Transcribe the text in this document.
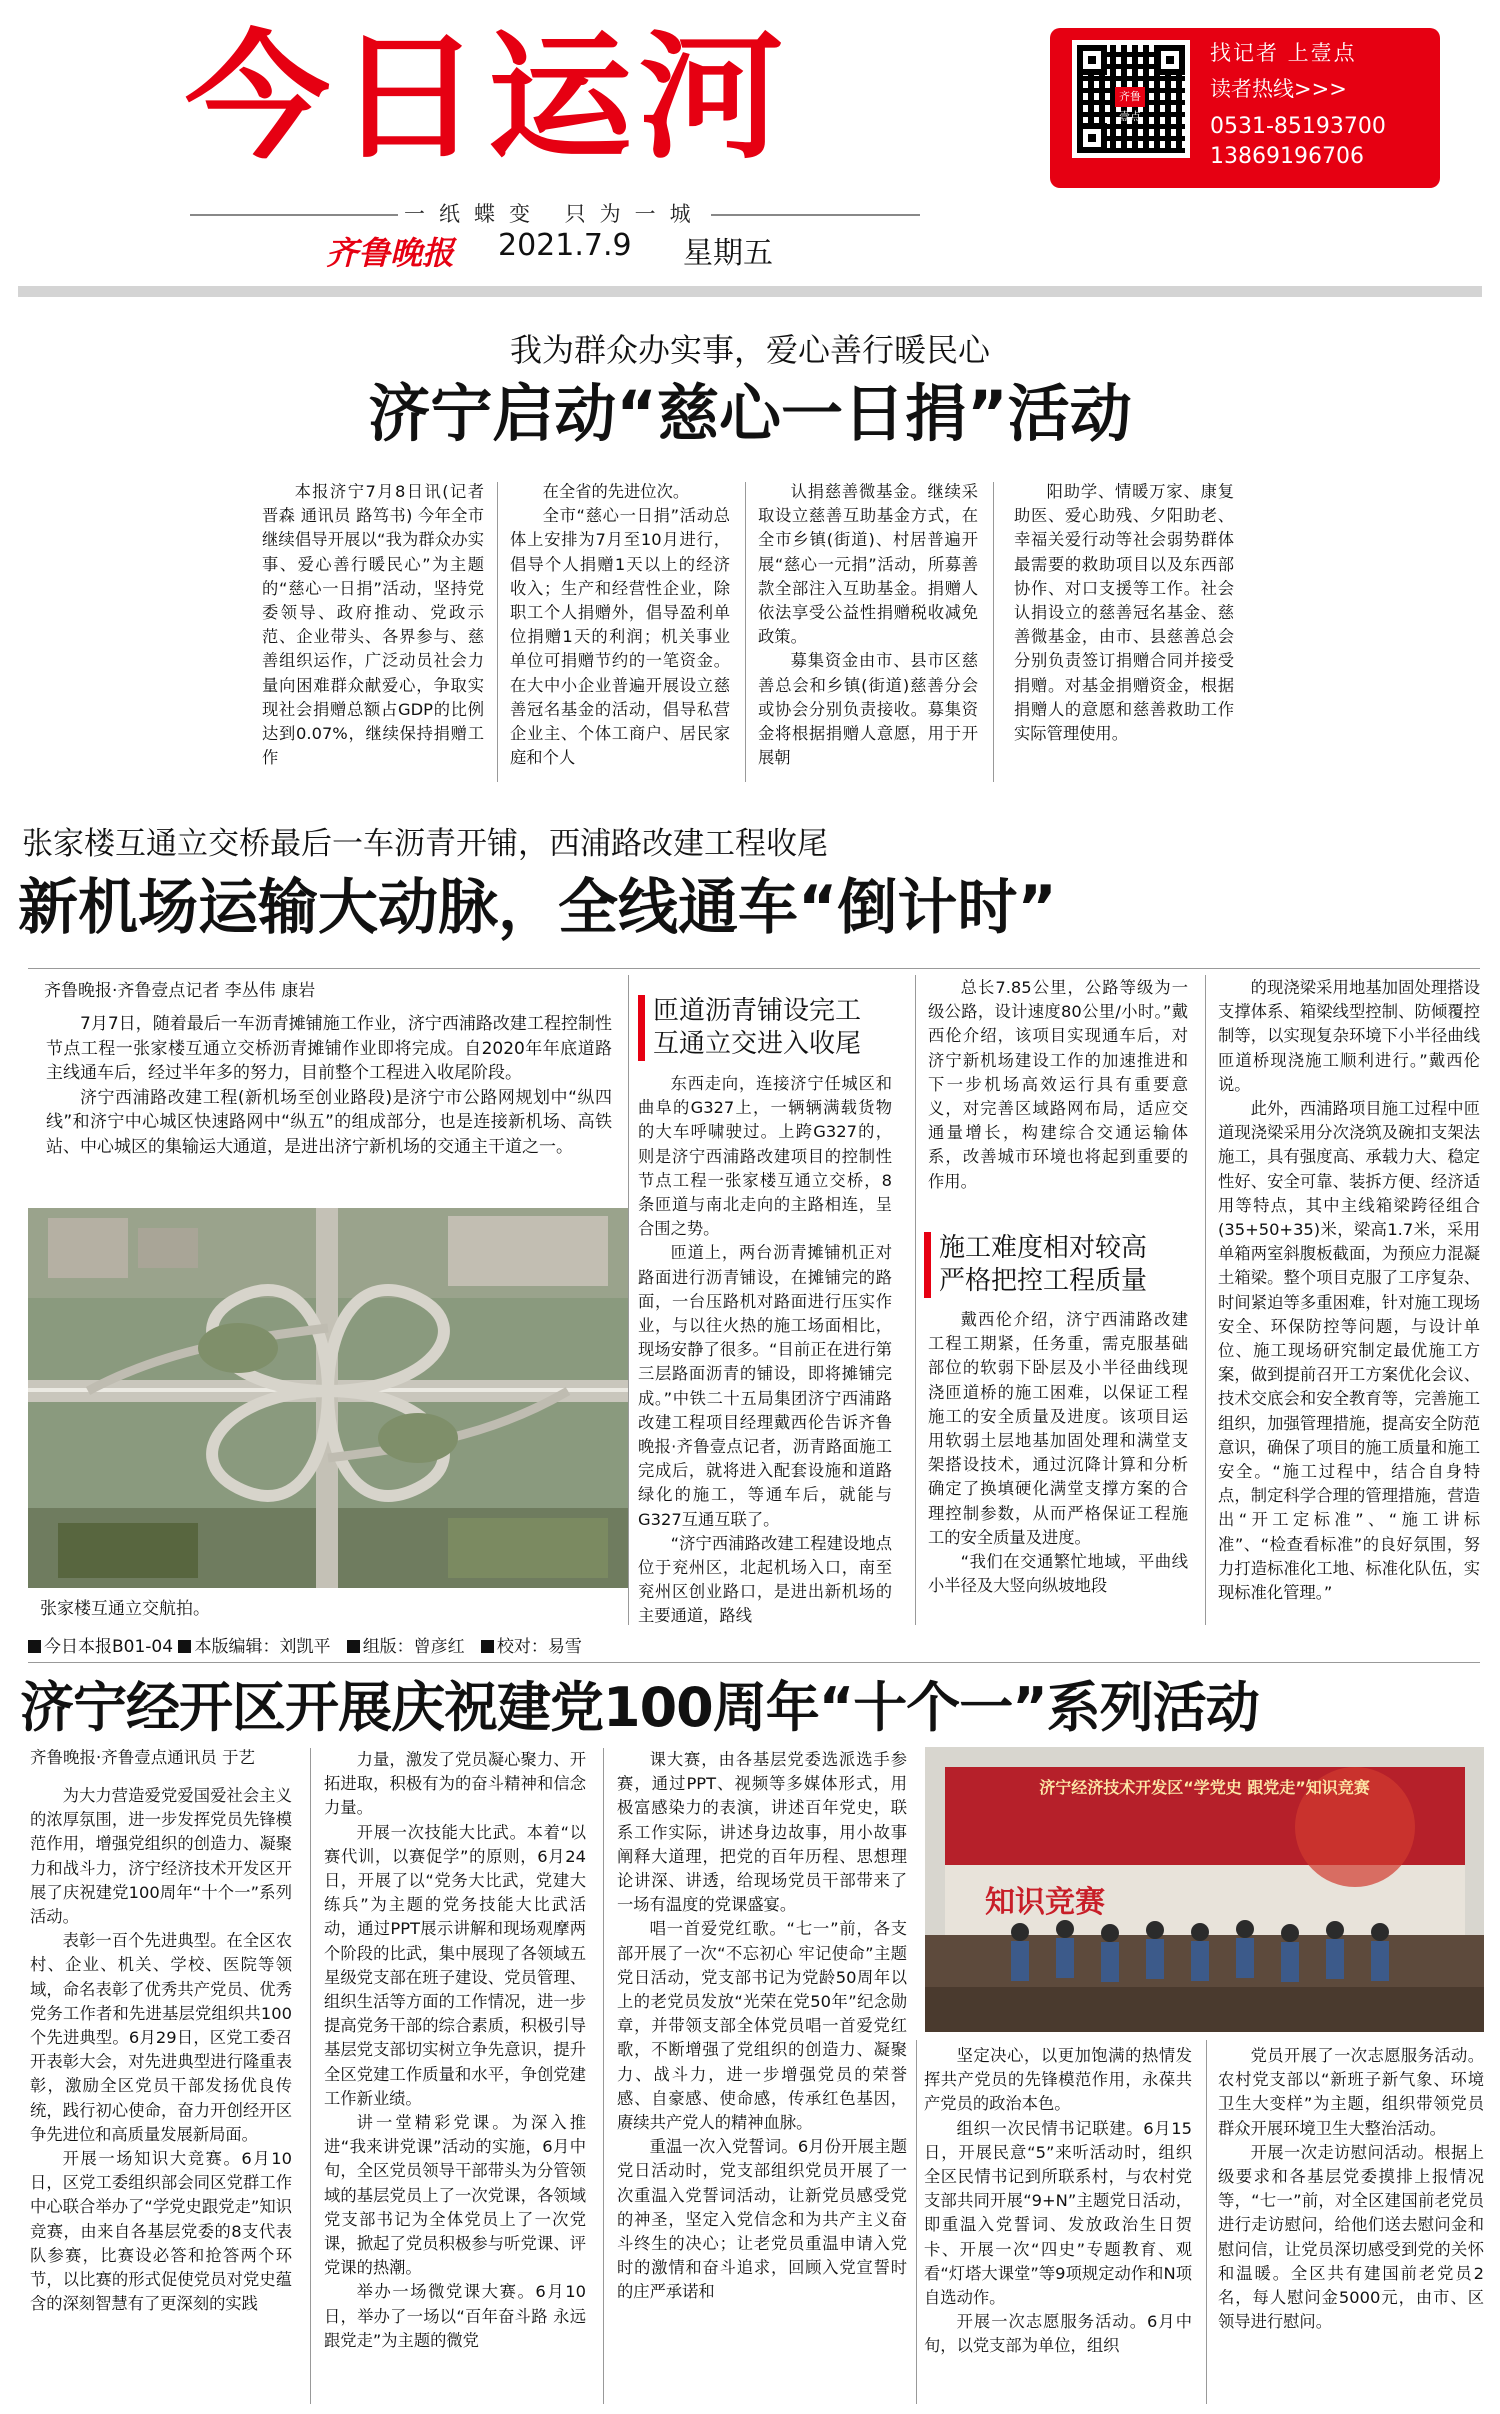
今日运河
一纸蝶变 只为一城
齐鲁晚报 2021.7.9 星期五
齐鲁壹点
找记者 上壹点
读者热线>>>
0531-85193700
13869196706
我为群众办实事，爱心善行暖民心
济宁启动“慈心一日捐”活动

本报济宁7月8日讯(记者 晋森 通讯员 路笃书) 今年全市继续倡导开展以“我为群众办实事、爱心善行暖民心”为主题的“慈心一日捐”活动，坚持党委领导、政府推动、党政示范、企业带头、各界参与、慈善组织运作，广泛动员社会力量向困难群众献爱心，争取实现社会捐赠总额占GDP的比例达到0.07%，继续保持捐赠工作

在全省的先进位次。

全市“慈心一日捐”活动总体上安排为7月至10月进行，倡导个人捐赠1天以上的经济收入；生产和经营性企业，除职工个人捐赠外，倡导盈利单位捐赠1天的利润；机关事业单位可捐赠节约的一笔资金。在大中小企业普遍开展设立慈善冠名基金的活动，倡导私营企业主、个体工商户、居民家庭和个人

认捐慈善微基金。继续采取设立慈善互助基金方式，在全市乡镇(街道)、村居普遍开展“慈心一元捐”活动，所募善款全部注入互助基金。捐赠人依法享受公益性捐赠税收减免政策。

募集资金由市、县市区慈善总会和乡镇(街道)慈善分会或协会分别负责接收。募集资金将根据捐赠人意愿，用于开展朝

阳助学、情暖万家、康复助医、爱心助残、夕阳助老、幸福关爱行动等社会弱势群体最需要的救助项目以及东西部协作、对口支援等工作。社会认捐设立的慈善冠名基金、慈善微基金，由市、县慈善总会分别负责签订捐赠合同并接受捐赠。对基金捐赠资金，根据捐赠人的意愿和慈善救助工作实际管理使用。

张家楼互通立交桥最后一车沥青开铺，西浦路改建工程收尾
新机场运输大动脉，全线通车“倒计时”
齐鲁晚报·齐鲁壹点记者 李丛伟 康岩

7月7日，随着最后一车沥青摊铺施工作业，济宁西浦路改建工程控制性节点工程一张家楼互通立交桥沥青摊铺作业即将完成。自2020年年底道路主线通车后，经过半年多的努力，目前整个工程进入收尾阶段。

济宁西浦路改建工程(新机场至创业路段)是济宁市公路网规划中“纵四线”和济宁中心城区快速路网中“纵五”的组成部分，也是连接新机场、高铁站、中心城区的集输运大通道，是进出济宁新机场的交通主干道之一。

张家楼互通立交航拍。
匝道沥青铺设完工
互通立交进入收尾

东西走向，连接济宁任城区和曲阜的G327上，一辆辆满载货物的大车呼啸驶过。上跨G327的，则是济宁西浦路改建项目的控制性节点工程一张家楼互通立交桥，8条匝道与南北走向的主路相连，呈合围之势。

匝道上，两台沥青摊铺机正对路面进行沥青铺设，在摊铺完的路面，一台压路机对路面进行压实作业，与以往火热的施工场面相比，现场安静了很多。“目前正在进行第三层路面沥青的铺设，即将摊铺完成。”中铁二十五局集团济宁西浦路改建工程项目经理戴西伦告诉齐鲁晚报·齐鲁壹点记者，沥青路面施工完成后，就将进入配套设施和道路绿化的施工，等通车后，就能与G327互通互联了。

“济宁西浦路改建工程建设地点位于兖州区，北起机场入口，南至兖州区创业路口，是进出新机场的主要通道，路线

总长7.85公里，公路等级为一级公路，设计速度80公里/小时。”戴西伦介绍，该项目实现通车后，对济宁新机场建设工作的加速推进和下一步机场高效运行具有重要意义，对完善区域路网布局，适应交通量增长，构建综合交通运输体系，改善城市环境也将起到重要的作用。

施工难度相对较高
严格把控工程质量

戴西伦介绍，济宁西浦路改建工程工期紧，任务重，需克服基础部位的软弱下卧层及小半径曲线现浇匝道桥的施工困难，以保证工程施工的安全质量及进度。该项目运用软弱土层地基加固处理和满堂支架搭设技术，通过沉降计算和分析确定了换填硬化满堂支撑方案的合理控制参数，从而严格保证工程施工的安全质量及进度。

“我们在交通繁忙地域，平曲线小半径及大竖向纵坡地段

的现浇梁采用地基加固处理搭设支撑体系、箱梁线型控制、防倾覆控制等，以实现复杂环境下小半径曲线匝道桥现浇施工顺利进行。”戴西伦说。

此外，西浦路项目施工过程中匝道现浇梁采用分次浇筑及碗扣支架法施工，具有强度高、承载力大、稳定性好、安全可靠、装拆方便、经济适用等特点，其中主线箱梁跨径组合(35+50+35)米，梁高1.7米，采用单箱两室斜腹板截面，为预应力混凝土箱梁。整个项目克服了工序复杂、时间紧迫等多重困难，针对施工现场安全、环保防控等问题，与设计单位、施工现场研究制定最优施工方案，做到提前召开工方案优化会议、技术交底会和安全教育等，完善施工组织，加强管理措施，提高安全防范意识，确保了项目的施工质量和施工安全。“施工过程中，结合自身特点，制定科学合理的管理措施，营造出“开工定标准”、“施工讲标准”、“检查看标准”的良好氛围，努力打造标准化工地、标准化队伍，实现标准化管理。”

今日本报B01-04 本版编辑：刘凯平 组版：曾彦红 校对：易雪
济宁经开区开展庆祝建党100周年“十个一”系列活动
齐鲁晚报·齐鲁壹点通讯员 于艺

为大力营造爱党爱国爱社会主义的浓厚氛围，进一步发挥党员先锋模范作用，增强党组织的创造力、凝聚力和战斗力，济宁经济技术开发区开展了庆祝建党100周年“十个一”系列活动。

表彰一百个先进典型。在全区农村、企业、机关、学校、医院等领域，命名表彰了优秀共产党员、优秀党务工作者和先进基层党组织共100个先进典型。6月29日，区党工委召开表彰大会，对先进典型进行隆重表彰，激励全区党员干部发扬优良传统，践行初心使命，奋力开创经开区争先进位和高质量发展新局面。

开展一场知识大竞赛。6月10日，区党工委组织部会同区党群工作中心联合举办了“学党史跟党走”知识竞赛，由来自各基层党委的8支代表队参赛，比赛设必答和抢答两个环节，以比赛的形式促使党员对党史蕴含的深刻智慧有了更深刻的实践

力量，激发了党员凝心聚力、开拓进取，积极有为的奋斗精神和信念力量。

开展一次技能大比武。本着“以赛代训，以赛促学”的原则，6月24日，开展了以“党务大比武，党建大练兵”为主题的党务技能大比武活动，通过PPT展示讲解和现场观摩两个阶段的比武，集中展现了各领域五星级党支部在班子建设、党员管理、组织生活等方面的工作情况，进一步提高党务干部的综合素质，积极引导基层党支部切实树立争先意识，提升全区党建工作质量和水平，争创党建工作新业绩。

讲一堂精彩党课。为深入推进“我来讲党课”活动的实施，6月中旬，全区党员领导干部带头为分管领域的基层党员上了一次党课，各领域党支部书记为全体党员上了一次党课，掀起了党员积极参与听党课、评党课的热潮。

举办一场微党课大赛。6月10日，举办了一场以“百年奋斗路 永远跟党走”为主题的微党

课大赛，由各基层党委选派选手参赛，通过PPT、视频等多媒体形式，用极富感染力的表演，讲述百年党史，联系工作实际，讲述身边故事，用小故事阐释大道理，把党的百年历程、思想理论讲深、讲透，给现场党员干部带来了一场有温度的党课盛宴。

唱一首爱党红歌。“七一”前，各支部开展了一次“不忘初心 牢记使命”主题党日活动，党支部书记为党龄50周年以上的老党员发放“光荣在党50年”纪念勋章，并带领支部全体党员唱一首爱党红歌，不断增强了党组织的创造力、凝聚力、战斗力，进一步增强党员的荣誉感、自豪感、使命感，传承红色基因，赓续共产党人的精神血脉。

重温一次入党誓词。6月份开展主题党日活动时，党支部组织党员开展了一次重温入党誓词活动，让新党员感受党的神圣，坚定入党信念和为共产主义奋斗终生的决心；让老党员重温申请入党时的激情和奋斗追求，回顾入党宣誓时的庄严承诺和

济宁经济技术开发区“学党史 跟党走”知识竞赛
知识竞赛

坚定决心，以更加饱满的热情发挥共产党员的先锋模范作用，永葆共产党员的政治本色。

组织一次民情书记联建。6月15日，开展民意“5”来听活动时，组织全区民情书记到所联系村，与农村党支部共同开展“9+N”主题党日活动，即重温入党誓词、发放政治生日贺卡、开展一次“四史”专题教育、观看“灯塔大课堂”等9项规定动作和N项自选动作。

开展一次志愿服务活动。6月中旬，以党支部为单位，组织

党员开展了一次志愿服务活动。农村党支部以“新班子新气象、环境卫生大变样”为主题，组织带领党员群众开展环境卫生大整治活动。

开展一次走访慰问活动。根据上级要求和各基层党委摸排上报情况等，“七一”前，对全区建国前老党员进行走访慰问，给他们送去慰问金和慰问信，让党员深切感受到党的关怀和温暖。全区共有建国前老党员2名，每人慰问金5000元，由市、区领导进行慰问。
